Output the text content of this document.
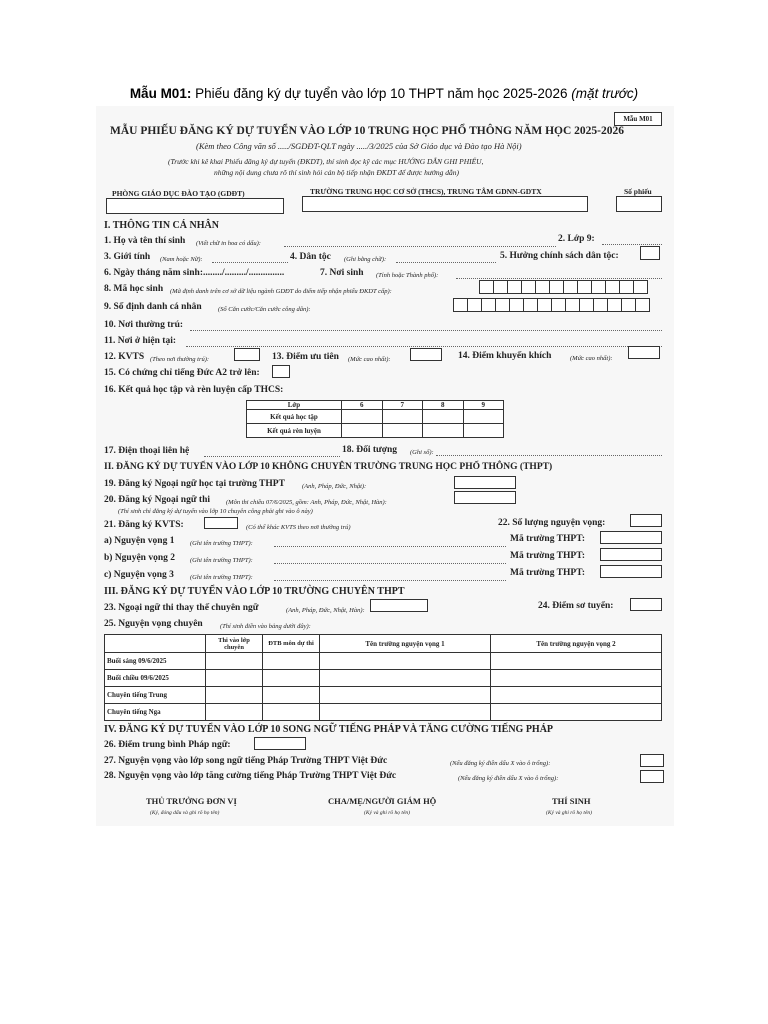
Mẫu M01: Phiếu đăng ký dự tuyển vào lớp 10 THPT năm học 2025-2026 (mặt trước)
Mẫu M01
MẪU PHIẾU ĐĂNG KÝ DỰ TUYỂN VÀO LỚP 10 TRUNG HỌC PHỔ THÔNG NĂM HỌC 2025-2026
(Kèm theo Công văn số ...../SGDĐT-QLT ngày ...../3/2025 của Sở Giáo dục và Đào tạo Hà Nội)
(Trước khi kê khai Phiếu đăng ký dự tuyển (ĐKDT), thí sinh đọc kỹ các mục HƯỚNG DẪN GHI PHIẾU,
những nội dung chưa rõ thí sinh hỏi cán bộ tiếp nhận ĐKDT để được hướng dẫn)
PHÒNG GIÁO DỤC ĐÀO TẠO (GDĐT)	TRƯỜNG TRUNG HỌC CƠ SỞ (THCS), TRUNG TÂM GDNN-GDTX	Số phiếu
I. THÔNG TIN CÁ NHÂN
1. Họ và tên thí sinh (Viết chữ in hoa có dấu):	2. Lớp 9:
3. Giới tính (Nam hoặc Nữ):	4. Dân tộc (Ghi bằng chữ):	5. Hưởng chính sách dân tộc:
6. Ngày tháng năm sinh:......../........./...............	7. Nơi sinh (Tỉnh hoặc Thành phố):
8. Mã học sinh (Mã định danh trên cơ sở dữ liệu ngành GDĐT do điểm tiếp nhận phiếu ĐKDT cấp):
9. Số định danh cá nhân	(Số Căn cước/Căn cước công dân):
10. Nơi thường trú:
11. Nơi ở hiện tại:
12. KVTS (Theo nơi thường trú):	13. Điểm ưu tiên (Mức cao nhất):	14. Điểm khuyến khích	(Mức cao nhất):
15. Có chứng chỉ tiếng Đức A2 trở lên:
16. Kết quả học tập và rèn luyện cấp THCS:
Lớp	6	7	8	9
Kết quả học tập				
Kết quả rèn luyện				
17. Điện thoại liên hệ	18. Đối tượng (Ghi số):
II. ĐĂNG KÝ DỰ TUYỂN VÀO LỚP 10 KHÔNG CHUYÊN TRƯỜNG TRUNG HỌC PHỔ THÔNG (THPT)
19. Đăng ký Ngoại ngữ học tại trường THPT	(Anh, Pháp, Đức, Nhật):
20. Đăng ký Ngoại ngữ thi (Môn thi chiều 07/6/2025, gồm: Anh, Pháp, Đức, Nhật, Hàn):
(Thí sinh chỉ đăng ký dự tuyển vào lớp 10 chuyên công phải ghi vào ô này)
21. Đăng ký KVTS:	(Có thể khác KVTS theo nơi thường trú)	22. Số lượng nguyện vọng:
a) Nguyện vọng 1 (Ghi tên trường THPT):	Mã trường THPT:
b) Nguyện vọng 2 (Ghi tên trường THPT):	Mã trường THPT:
c) Nguyện vọng 3 (Ghi tên trường THPT):	Mã trường THPT:
III. ĐĂNG KÝ DỰ TUYỂN VÀO LỚP 10 TRƯỜNG CHUYÊN THPT
23. Ngoại ngữ thi thay thế chuyên ngữ	(Anh, Pháp, Đức, Nhật, Hàn):	24. Điểm sơ tuyển:
25. Nguyện vọng chuyên	(Thí sinh điền vào bảng dưới đây):
	Thi vào lớp chuyên	ĐTB môn dự thi	Tên trường nguyện vọng 1	Tên trường nguyện vọng 2
Buổi sáng 09/6/2025				
Buổi chiều 09/6/2025				
Chuyên tiếng Trung				
Chuyên tiếng Nga				
IV. ĐĂNG KÝ DỰ TUYỂN VÀO LỚP 10 SONG NGỮ TIẾNG PHÁP VÀ TĂNG CƯỜNG TIẾNG PHÁP
26. Điểm trung bình Pháp ngữ:
27. Nguyện vọng vào lớp song ngữ tiếng Pháp Trường THPT Việt Đức	(Nếu đăng ký điền dấu X vào ô trống):
28. Nguyện vọng vào lớp tăng cường tiếng Pháp Trường THPT Việt Đức	(Nếu đăng ký điền dấu X vào ô trống):
THỦ TRƯỞNG ĐƠN VỊ
(Ký, đóng dấu và ghi rõ họ tên)
CHA/MẸ/NGƯỜI GIÁM HỘ
(Ký và ghi rõ họ tên)
THÍ SINH
(Ký và ghi rõ họ tên)
